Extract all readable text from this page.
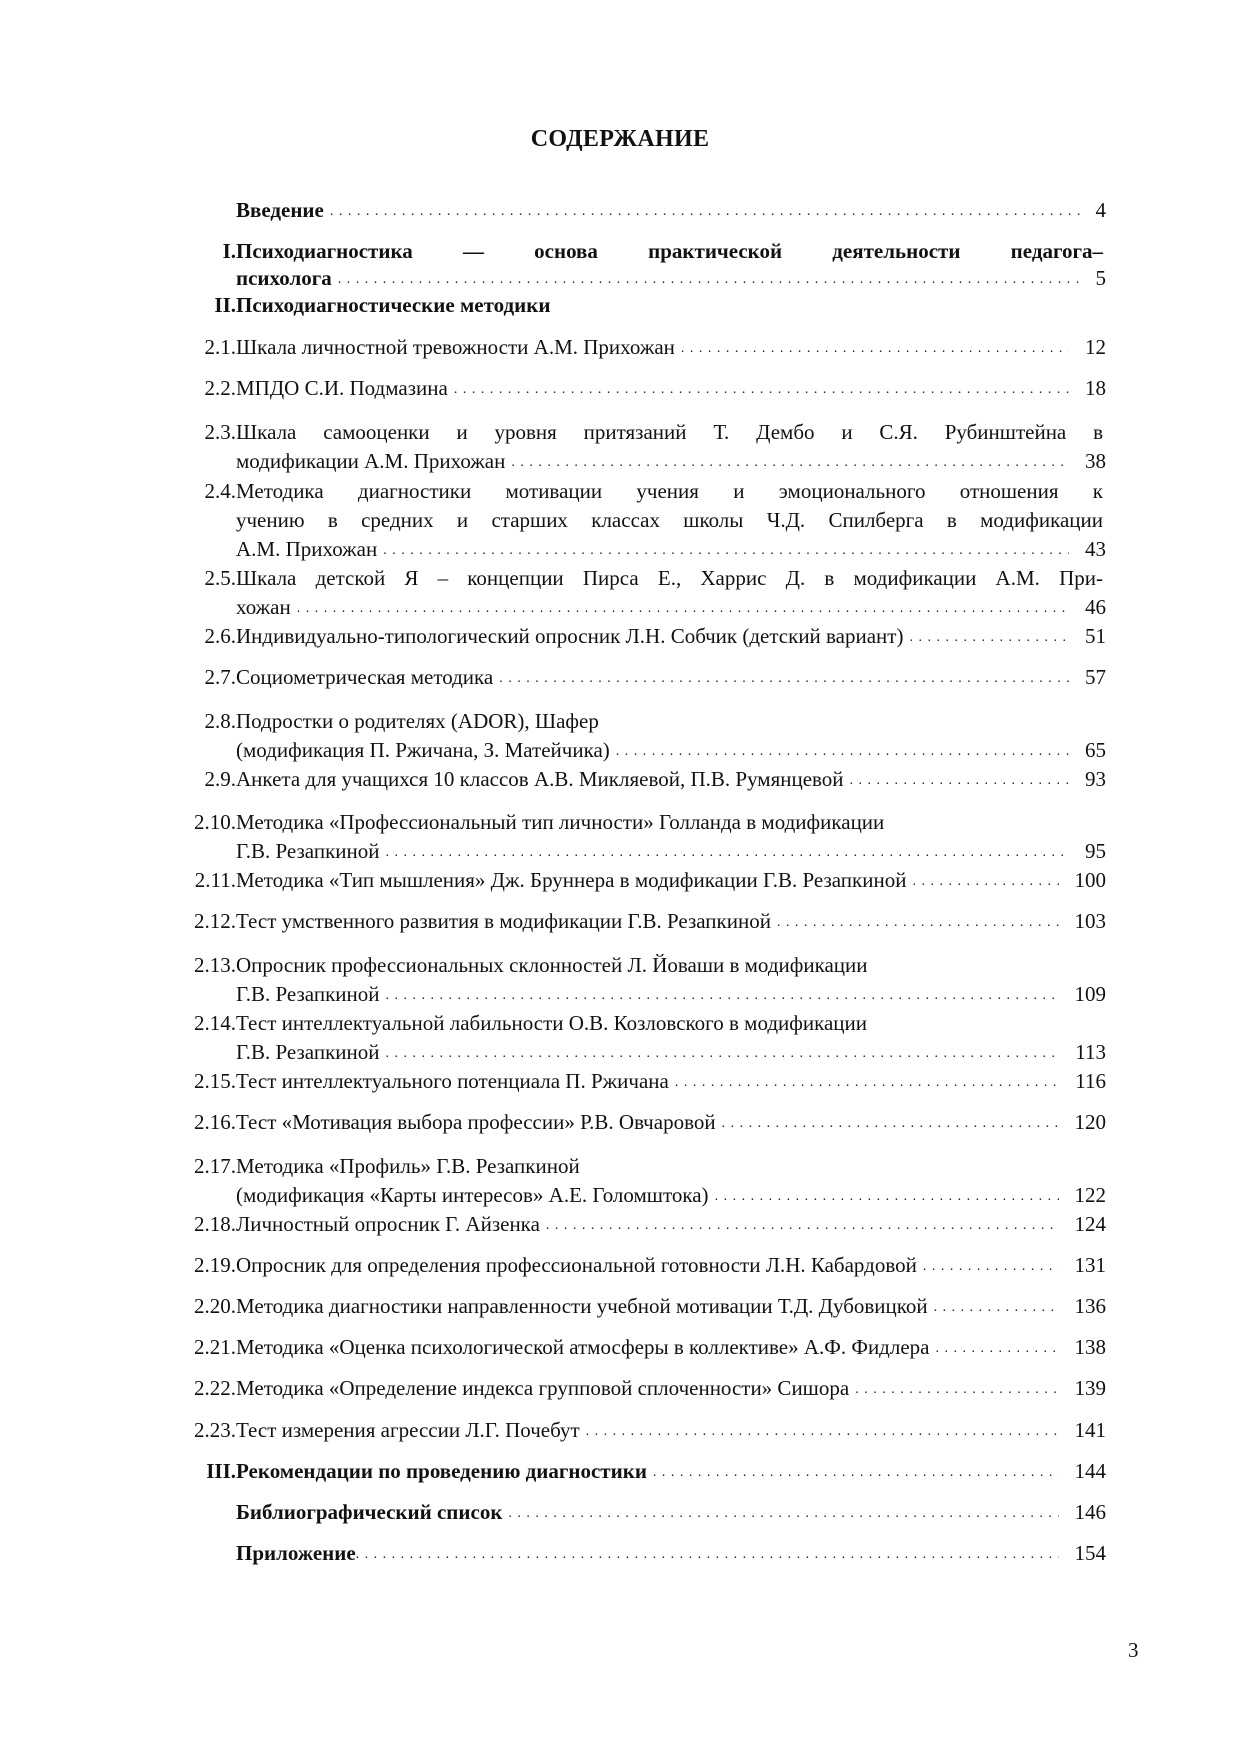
СОДЕРЖАНИЕ
Введение . . .	4
I. Психодиагностика — основа практической деятельности педагога–
психолога . . .	5
II. Психодиагностические методики
2.1. Шкала личностной тревожности А.М. Прихожан . . .	12
2.2. МПДО С.И. Подмазина . . .	18
2.3. Шкала самооценки и уровня притязаний Т. Дембо и С.Я. Рубинштейна в
модификации А.М. Прихожан . . .	38
2.4. Методика диагностики мотивации учения и эмоционального отношения к
учению в средних и старших классах школы Ч.Д. Спилберга в модификации
А.М. Прихожан . . .	43
2.5. Шкала детской Я – концепции Пирса Е., Харрис Д. в модификации А.М. При-
хожан . . .	46
2.6. Индивидуально-типологический опросник Л.Н. Собчик (детский вариант) . . .	51
2.7. Социометрическая методика . . .	57
2.8. Подростки о родителях (ADOR), Шафер
(модификация П. Ржичана, З. Матейчика) . . .	65
2.9. Анкета для учащихся 10 классов А.В. Микляевой, П.В. Румянцевой . . .	93
2.10. Методика «Профессиональный тип личности» Голланда в модификации
Г.В. Резапкиной . . .	95
2.11. Методика «Тип мышления» Дж. Бруннера в модификации Г.В. Резапкиной . . .	100
2.12. Тест умственного развития в модификации Г.В. Резапкиной . . .	103
2.13. Опросник профессиональных склонностей Л. Йоваши в модификации
Г.В. Резапкиной . . .	109
2.14. Тест интеллектуальной лабильности О.В. Козловского в модификации
Г.В. Резапкиной . . .	113
2.15. Тест интеллектуального потенциала П. Ржичана . . .	116
2.16. Тест «Мотивация выбора профессии» Р.В. Овчаровой . . .	120
2.17. Методика «Профиль» Г.В. Резапкиной
(модификация «Карты интересов» А.Е. Голомштока) . . .	122
2.18. Личностный опросник Г. Айзенка . . .	124
2.19. Опросник для определения профессиональной готовности Л.Н. Кабардовой . . .	131
2.20. Методика диагностики направленности учебной мотивации Т.Д. Дубовицкой . . .	136
2.21. Методика «Оценка психологической атмосферы в коллективе» А.Ф. Фидлера . . .	138
2.22. Методика «Определение индекса групповой сплоченности» Сишора . . .	139
2.23. Тест измерения агрессии Л.Г. Почебут . . .	141
III. Рекомендации по проведению диагностики . . .	144
Библиографический список . . .	146
Приложение . . .	154
3
